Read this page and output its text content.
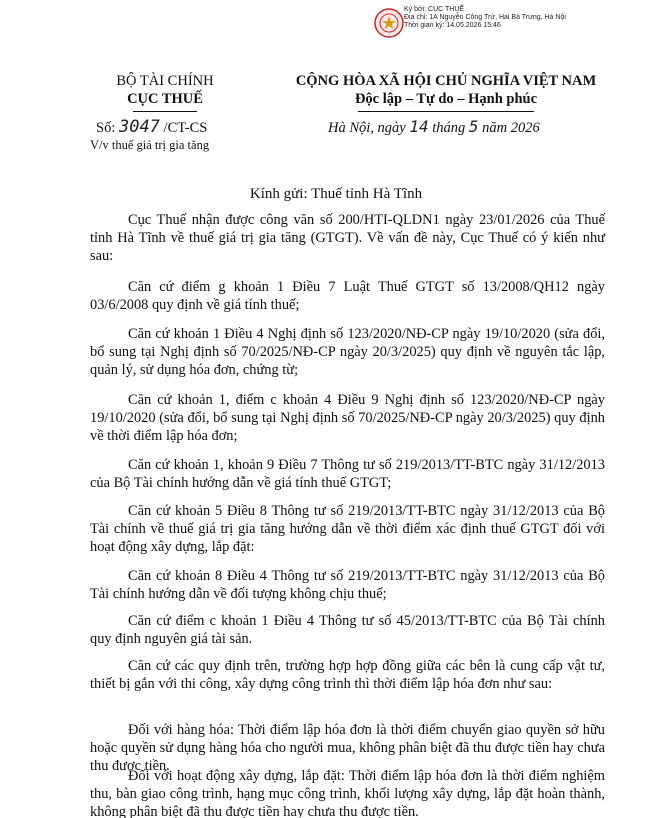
Ký bởi: CỤC THUẾ
Địa chỉ: 1A Nguyễn Công Trứ, Hai Bà Trưng, Hà Nội
Thời gian ký: 14.05.2026 15:46
BỘ TÀI CHÍNH
CỤC THUẾ
Số: 3047 /CT-CS
V/v thuế giá trị gia tăng
CỘNG HÒA XÃ HỘI CHỦ NGHĨA VIỆT NAM
Độc lập – Tự do – Hạnh phúc
Hà Nội, ngày 14 tháng 5 năm 2026
Kính gửi: Thuế tỉnh Hà Tĩnh

Cục Thuế nhận được công văn số 200/HTI-QLDN1 ngày 23/01/2026 của Thuế tỉnh Hà Tĩnh về thuế giá trị gia tăng (GTGT). Về vấn đề này, Cục Thuế có ý kiến như sau:

Căn cứ điểm g khoản 1 Điều 7 Luật Thuế GTGT số 13/2008/QH12 ngày 03/6/2008 quy định về giá tính thuế;

Căn cứ khoản 1 Điều 4 Nghị định số 123/2020/NĐ-CP ngày 19/10/2020 (sửa đổi, bổ sung tại Nghị định số 70/2025/NĐ-CP ngày 20/3/2025) quy định về nguyên tắc lập, quản lý, sử dụng hóa đơn, chứng từ;

Căn cứ khoản 1, điểm c khoản 4 Điều 9 Nghị định số 123/2020/NĐ-CP ngày 19/10/2020 (sửa đổi, bổ sung tại Nghị định số 70/2025/NĐ-CP ngày 20/3/2025) quy định về thời điểm lập hóa đơn;

Căn cứ khoản 1, khoản 9 Điều 7 Thông tư số 219/2013/TT-BTC ngày 31/12/2013 của Bộ Tài chính hướng dẫn về giá tính thuế GTGT;

Căn cứ khoản 5 Điều 8 Thông tư số 219/2013/TT-BTC ngày 31/12/2013 của Bộ Tài chính về thuế giá trị gia tăng hướng dẫn về thời điểm xác định thuế GTGT đối với hoạt động xây dựng, lắp đặt:

Căn cứ khoản 8 Điều 4 Thông tư số 219/2013/TT-BTC ngày 31/12/2013 của Bộ Tài chính hướng dẫn về đối tượng không chịu thuế;

Căn cứ điểm c khoản 1 Điều 4 Thông tư số 45/2013/TT-BTC của Bộ Tài chính quy định nguyên giá tài sản.

Căn cứ các quy định trên, trường hợp hợp đồng giữa các bên là cung cấp vật tư, thiết bị gắn với thi công, xây dựng công trình thì thời điểm lập hóa đơn như sau:

Đối với hàng hóa: Thời điểm lập hóa đơn là thời điểm chuyển giao quyền sở hữu hoặc quyền sử dụng hàng hóa cho người mua, không phân biệt đã thu được tiền hay chưa thu được tiền.

Đối với hoạt động xây dựng, lắp đặt: Thời điểm lập hóa đơn là thời điểm nghiệm thu, bàn giao công trình, hạng mục công trình, khối lượng xây dựng, lắp đặt hoàn thành, không phân biệt đã thu được tiền hay chưa thu được tiền.
